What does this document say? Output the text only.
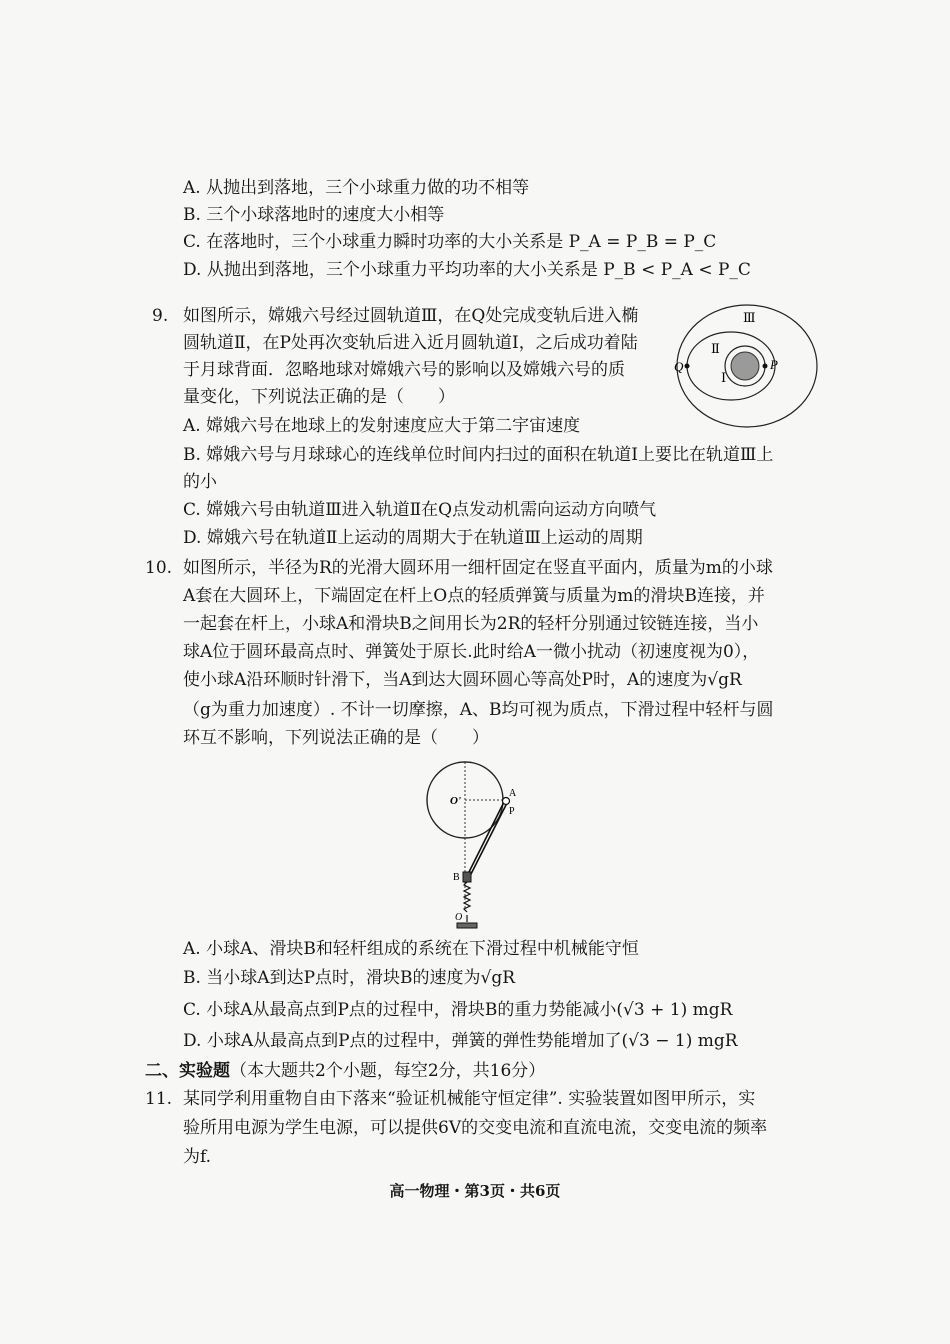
A. 从抛出到落地，三个小球重力做的功不相等
B. 三个小球落地时的速度大小相等
C. 在落地时，三个小球重力瞬时功率的大小关系是 P_A = P_B = P_C
D. 从抛出到落地，三个小球重力平均功率的大小关系是 P_B < P_A < P_C
9. 如图所示，嫦娥六号经过圆轨道Ⅲ，在Q处完成变轨后进入椭
圆轨道Ⅱ，在P处再次变轨后进入近月圆轨道Ⅰ，之后成功着陆
于月球背面．忽略地球对嫦娥六号的影响以及嫦娥六号的质
量变化，下列说法正确的是（　　）
A. 嫦娥六号在地球上的发射速度应大于第二宇宙速度
B. 嫦娥六号与月球球心的连线单位时间内扫过的面积在轨道Ⅰ上要比在轨道Ⅲ上
的小
C. 嫦娥六号由轨道Ⅲ进入轨道Ⅱ在Q点发动机需向运动方向喷气
D. 嫦娥六号在轨道Ⅱ上运动的周期大于在轨道Ⅲ上运动的周期
Ⅲ
Ⅱ
Ⅰ
Q	P
10. 如图所示，半径为R的光滑大圆环用一细杆固定在竖直平面内，质量为m的小球
A套在大圆环上，下端固定在杆上O点的轻质弹簧与质量为m的滑块B连接，并
一起套在杆上，小球A和滑块B之间用长为2R的轻杆分别通过铰链连接，当小
球A位于圆环最高点时、弹簧处于原长.此时给A一微小扰动（初速度视为0），
使小球A沿环顺时针滑下，当A到达大圆环圆心等高处P时，A的速度为√gR
（g为重力加速度）. 不计一切摩擦，A、B均可视为质点，下滑过程中轻杆与圆
环互不影响，下列说法正确的是（　　）
O'
A
P
B
O
A. 小球A、滑块B和轻杆组成的系统在下滑过程中机械能守恒
B. 当小球A到达P点时，滑块B的速度为√gR
C. 小球A从最高点到P点的过程中，滑块B的重力势能减小(√3 + 1) mgR
D. 小球A从最高点到P点的过程中，弹簧的弹性势能增加了(√3 − 1) mgR
二、实验题（本大题共2个小题，每空2分，共16分）
11. 某同学利用重物自由下落来“验证机械能守恒定律”. 实验装置如图甲所示，实
验所用电源为学生电源，可以提供6V的交变电流和直流电流，交变电流的频率
为f.
高一物理・第3页・共6页
